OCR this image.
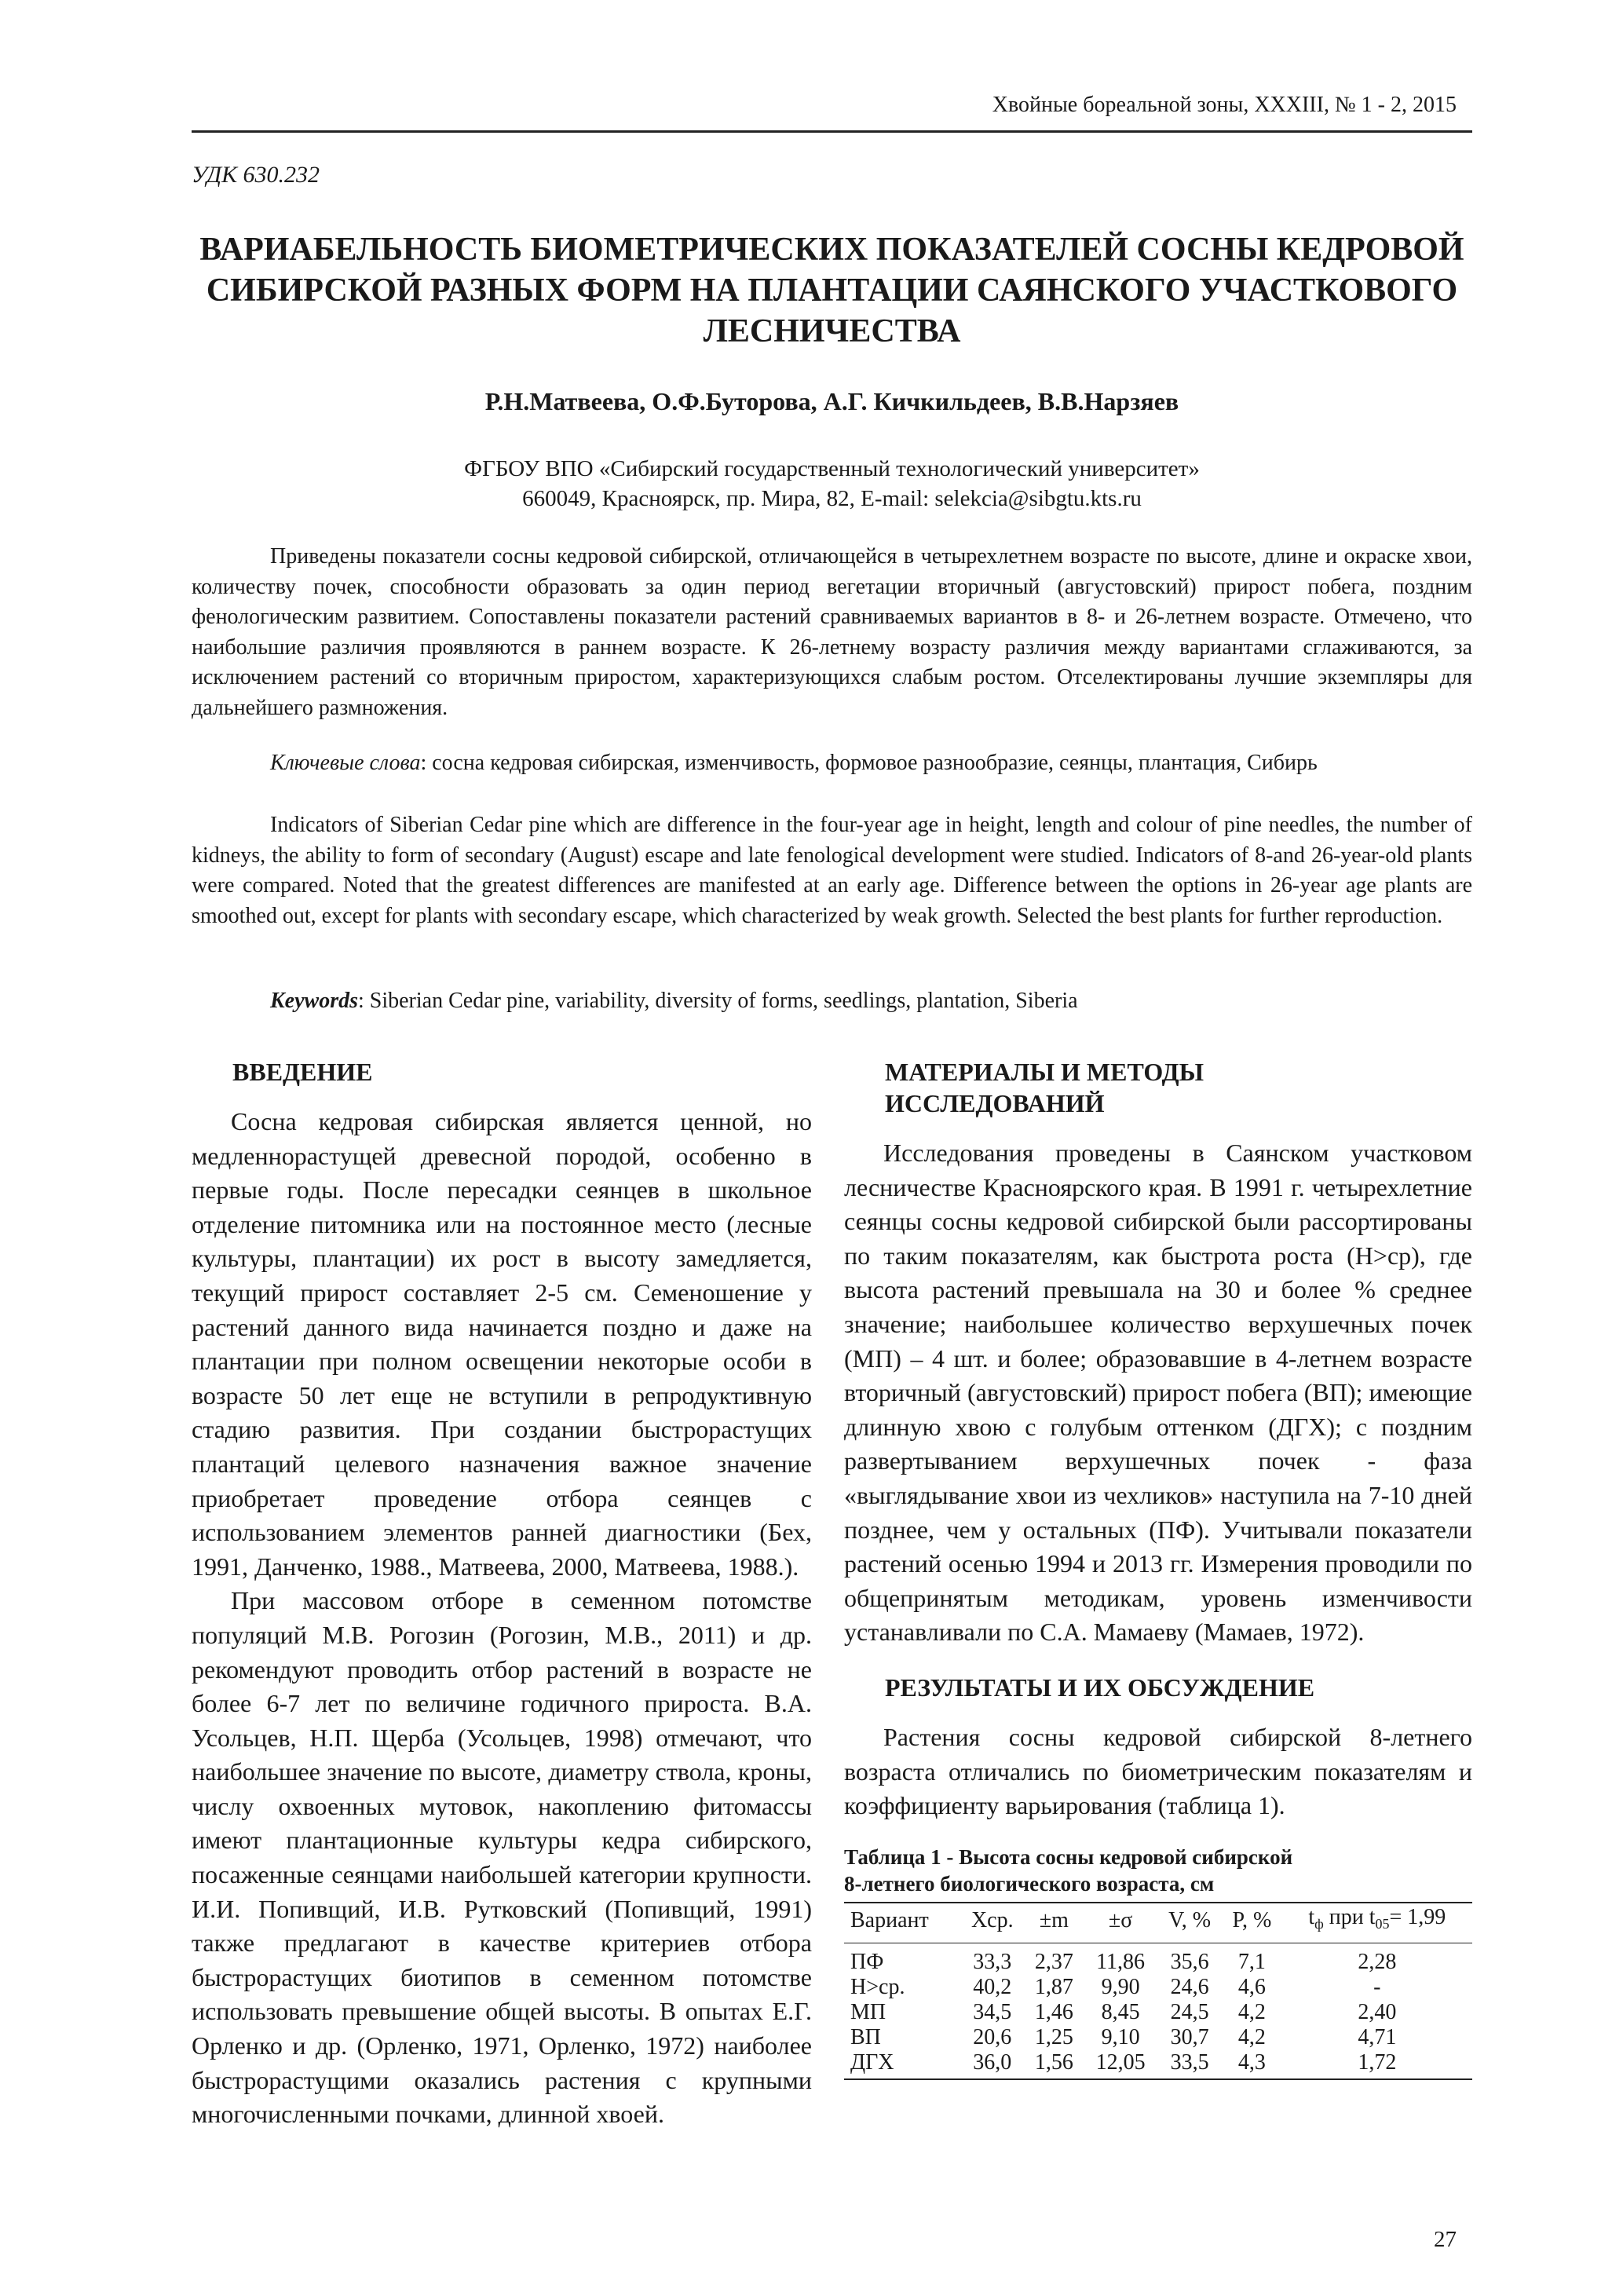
Хвойные бореальной зоны, XXXIII, № 1 - 2, 2015
УДК 630.232
ВАРИАБЕЛЬНОСТЬ БИОМЕТРИЧЕСКИХ ПОКАЗАТЕЛЕЙ СОСНЫ КЕДРОВОЙ
СИБИРСКОЙ РАЗНЫХ ФОРМ НА ПЛАНТАЦИИ САЯНСКОГО УЧАСТКОВОГО
ЛЕСНИЧЕСТВА
Р.Н.Матвеева, О.Ф.Буторова, А.Г. Кичкильдеев, В.В.Нарзяев
ФГБОУ ВПО «Сибирский государственный технологический университет»
660049, Красноярск, пр. Мира, 82, E-mail: selekcia@sibgtu.kts.ru

Приведены показатели сосны кедровой сибирской, отличающейся в четырехлетнем возрасте по высоте, длине и окраске хвои, количеству почек, способности образовать за один период вегетации вторичный (августовский) прирост побега, поздним фенологическим развитием. Сопоставлены показатели растений сравниваемых вариантов в 8- и 26-летнем возрасте. Отмечено, что наибольшие различия проявляются в раннем возрасте. К 26-летнему возрасту различия между вариантами сглаживаются, за исключением растений со вторичным приростом, характеризующихся слабым ростом. Отселектированы лучшие экземпляры для дальнейшего размножения.

Ключевые слова: сосна кедровая сибирская, изменчивость, формовое разнообразие, сеянцы, плантация, Сибирь

Indicators of Siberian Cedar pine which are difference in the four-year age in height, length and colour of pine needles, the number of kidneys, the ability to form of secondary (August) escape and late fenological development were studied. Indicators of 8-and 26-year-old plants were compared. Noted that the greatest differences are manifested at an early age. Difference between the options in 26-year age plants are smoothed out, except for plants with secondary escape, which characterized by weak growth. Selected the best plants for further reproduction.

Keywords: Siberian Cedar pine, variability, diversity of forms, seedlings, plantation, Siberia

ВВЕДЕНИЕ

Сосна кедровая сибирская является ценной, но медленнорастущей древесной породой, особенно в первые годы. После пересадки сеянцев в школьное отделение питомника или на постоянное место (лесные культуры, плантации) их рост в высоту замедляется, текущий прирост составляет 2-5 см. Семеношение у растений данного вида начинается поздно и даже на плантации при полном освещении некоторые особи в возрасте 50 лет еще не вступили в репродуктивную стадию развития. При создании быстрорастущих плантаций целевого назначения важное значение приобретает проведение отбора сеянцев с использованием элементов ранней диагностики (Бех, 1991, Данченко, 1988., Матвеева, 2000, Матвеева, 1988.).

При массовом отборе в семенном потомстве популяций М.В. Рогозин (Рогозин, М.В., 2011) и др. рекомендуют проводить отбор растений в возрасте не более 6-7 лет по величине годичного прироста. В.А. Усольцев, Н.П. Щерба (Усольцев, 1998) отмечают, что наибольшее значение по высоте, диаметру ствола, кроны, числу охвоенных мутовок, накоплению фитомассы имеют плантационные культуры кедра сибирского, посаженные сеянцами наибольшей категории крупности. И.И. Попивщий, И.В. Рутковский (Попивщий, 1991) также предлагают в качестве критериев отбора быстрорастущих биотипов в семенном потомстве использовать превышение общей высоты. В опытах Е.Г. Орленко и др. (Орленко, 1971, Орленко, 1972) наиболее быстрорастущими оказались растения с крупными многочисленными почками, длинной хвоей.

МАТЕРИАЛЫ И МЕТОДЫ
ИССЛЕДОВАНИЙ

Исследования проведены в Саянском участковом лесничестве Красноярского края. В 1991 г. четырехлетние сеянцы сосны кедровой сибирской были рассортированы по таким показателям, как быстрота роста (Н>ср), где высота растений превышала на 30 и более % среднее значение; наибольшее количество верхушечных почек (МП) – 4 шт. и более; образовавшие в 4-летнем возрасте вторичный (августовский) прирост побега (ВП); имеющие длинную хвою с голубым оттенком (ДГХ); с поздним развертыванием верхушечных почек - фаза «выглядывание хвои из чехликов» наступила на 7-10 дней позднее, чем у остальных (ПФ). Учитывали показатели растений осенью 1994 и 2013 гг. Измерения проводили по общепринятым методикам, уровень изменчивости устанавливали по С.А. Мамаеву (Мамаев, 1972).

РЕЗУЛЬТАТЫ И ИХ ОБСУЖДЕНИЕ

Растения сосны кедровой сибирской 8-летнего возраста отличались по биометрическим показателям и коэффициенту варьирования (таблица 1).

Таблица 1 - Высота сосны кедровой сибирской
8-летнего биологического возраста, см
Вариант	Хср.	±m	±σ	V, %	P, %	$t_ф$ при $t_{05}= 1,99$
ПФ	33,3	2,37	11,86	35,6	7,1	2,28
Н>ср.	40,2	1,87	9,90	24,6	4,6	-
МП	34,5	1,46	8,45	24,5	4,2	2,40
ВП	20,6	1,25	9,10	30,7	4,2	4,71
ДГХ	36,0	1,56	12,05	33,5	4,3	1,72
27
